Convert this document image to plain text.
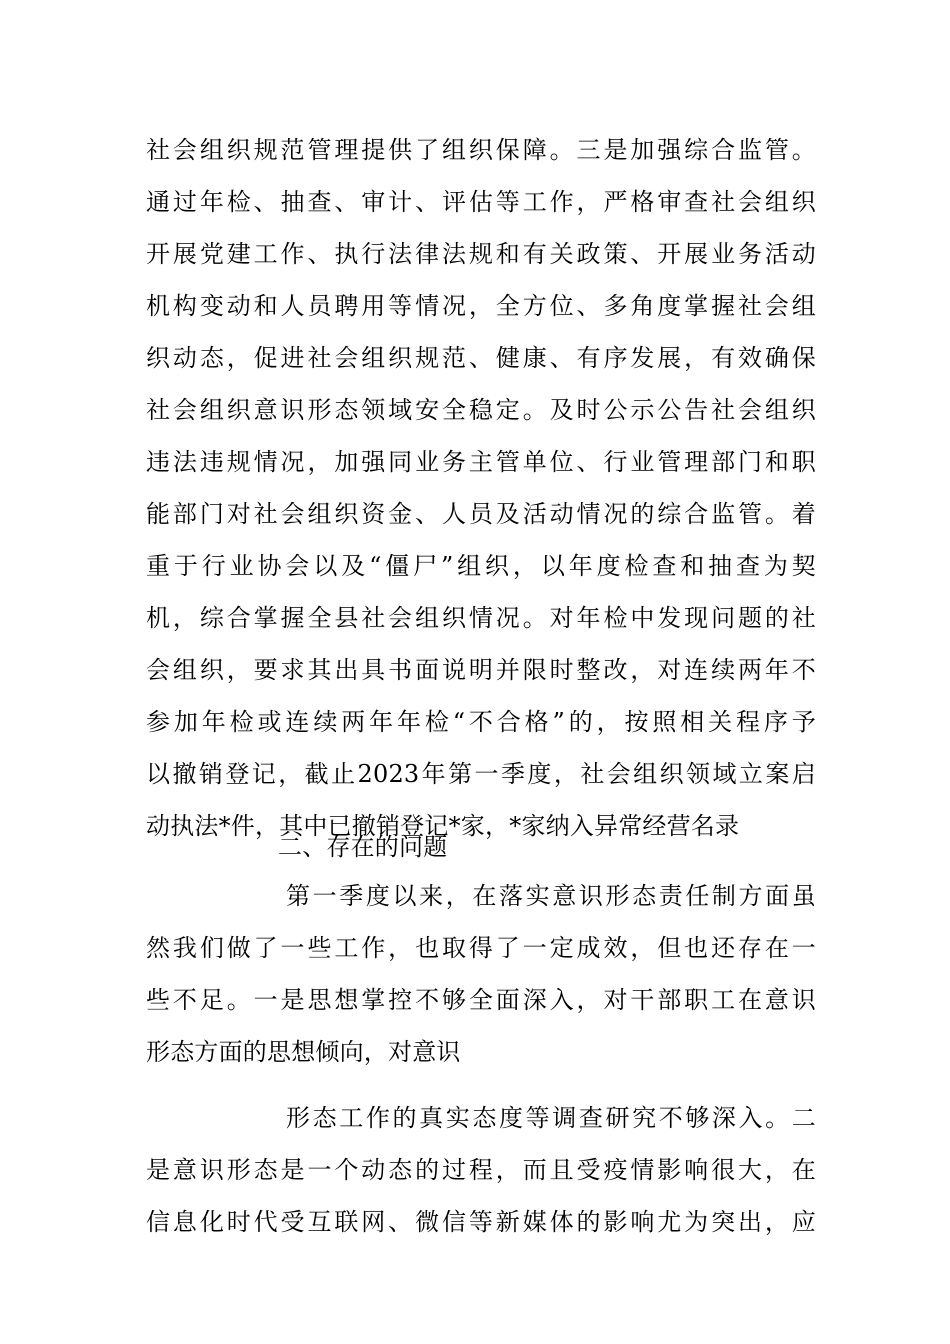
社会组织规范管理提供了组织保障。三是加强综合监管。
通过年检、抽查、审计、评估等工作，严格审查社会组织
开展党建工作、执行法律法规和有关政策、开展业务活动
机构变动和人员聘用等情况，全方位、多角度掌握社会组
织动态，促进社会组织规范、健康、有序发展，有效确保
社会组织意识形态领域安全稳定。及时公示公告社会组织
违法违规情况，加强同业务主管单位、行业管理部门和职
能部门对社会组织资金、人员及活动情况的综合监管。着
重于行业协会以及“僵尸”组织，以年度检查和抽查为契
机，综合掌握全县社会组织情况。对年检中发现问题的社
会组织，要求其出具书面说明并限时整改，对连续两年不
参加年检或连续两年年检“不合格”的，按照相关程序予
以撤销登记，截止2023年第一季度，社会组织领域立案启
动执法*件，其中已撤销登记*家，*家纳入异常经营名录
二、存在的问题
第一季度以来，在落实意识形态责任制方面虽
然我们做了一些工作，也取得了一定成效，但也还存在一
些不足。一是思想掌控不够全面深入，对干部职工在意识
形态方面的思想倾向，对意识
形态工作的真实态度等调查研究不够深入。二
是意识形态是一个动态的过程，而且受疫情影响很大，在
信息化时代受互联网、微信等新媒体的影响尤为突出，应
